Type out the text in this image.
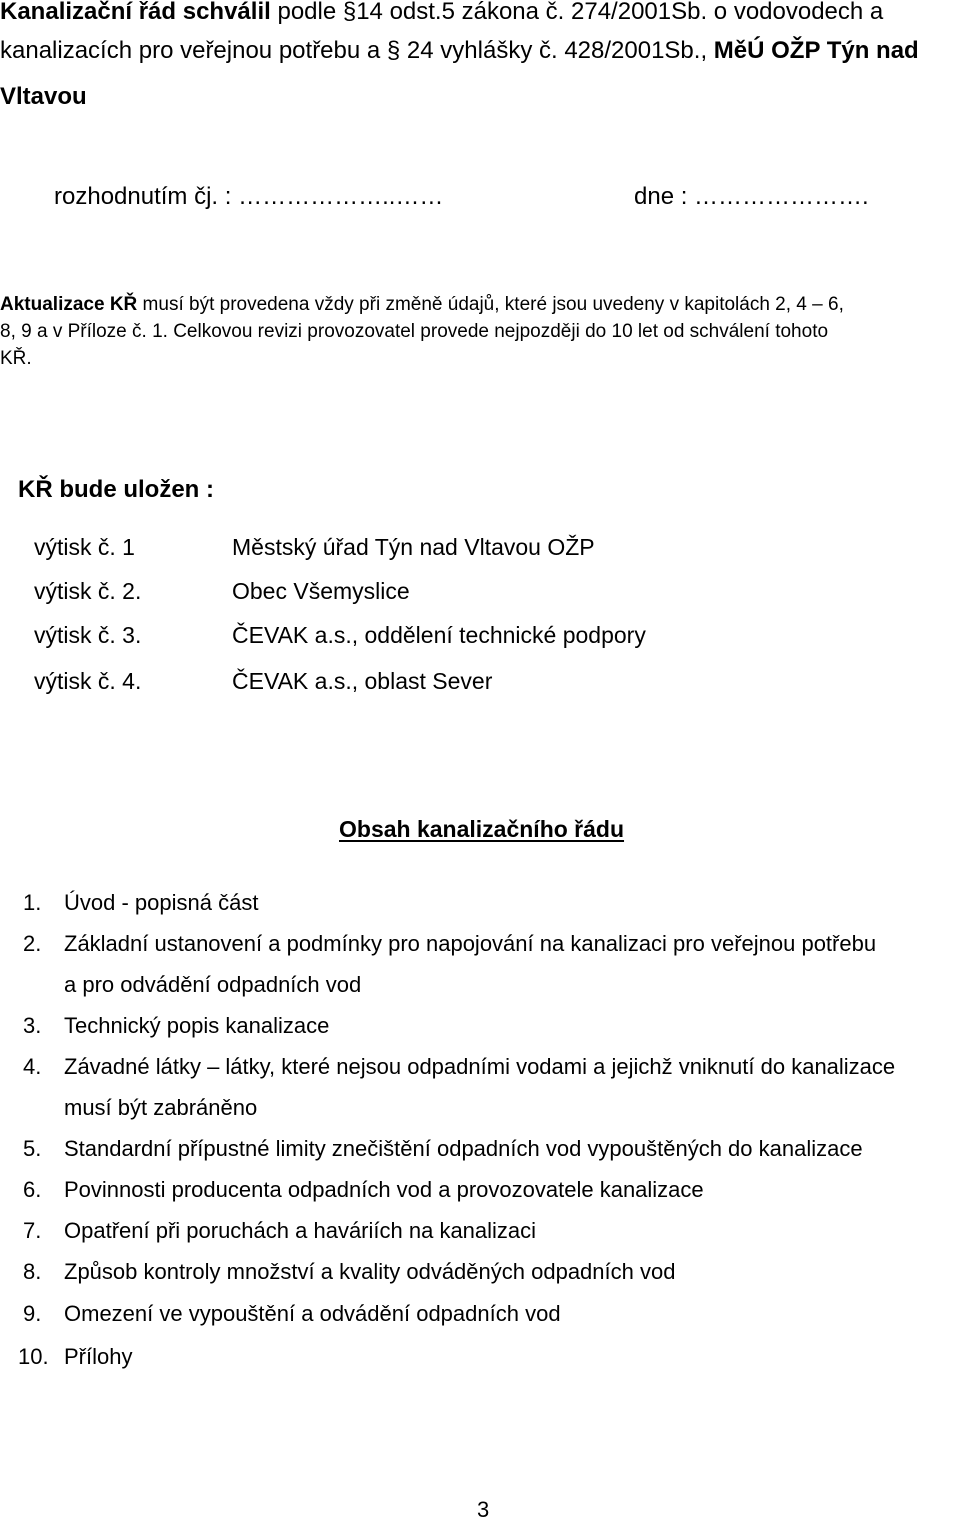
Kanalizační řád schválil podle §14 odst.5 zákona č. 274/2001Sb. o vodovodech a
kanalizacích pro veřejnou potřebu a § 24 vyhlášky č. 428/2001Sb., MěÚ OŽP Týn nad
Vltavou
rozhodnutím čj. : ………………..……	dne : ………………….
Aktualizace KŘ musí být provedena vždy při změně údajů, které jsou uvedeny v kapitolách 2, 4 – 6,
8, 9 a v Příloze č. 1. Celkovou revizi provozovatel provede nejpozději do 10 let od schválení tohoto
KŘ.
KŘ bude uložen :
výtisk č. 1	Městský úřad Týn nad Vltavou OŽP
výtisk č. 2.	Obec Všemyslice
výtisk č. 3.	ČEVAK a.s., oddělení technické podpory
výtisk č. 4.	ČEVAK a.s., oblast Sever
Obsah kanalizačního řádu
1. Úvod - popisná část
2. Základní ustanovení a podmínky pro napojování na kanalizaci pro veřejnou potřebu
a pro odvádění odpadních vod
3. Technický popis kanalizace
4. Závadné látky – látky, které nejsou odpadními vodami a jejichž vniknutí do kanalizace
musí být zabráněno
5. Standardní přípustné limity znečištění odpadních vod vypouštěných do kanalizace
6. Povinnosti producenta odpadních vod a provozovatele kanalizace
7. Opatření při poruchách a haváriích na kanalizaci
8. Způsob kontroly množství a kvality odváděných odpadních vod
9. Omezení ve vypouštění a odvádění odpadních vod
10. Přílohy
3
